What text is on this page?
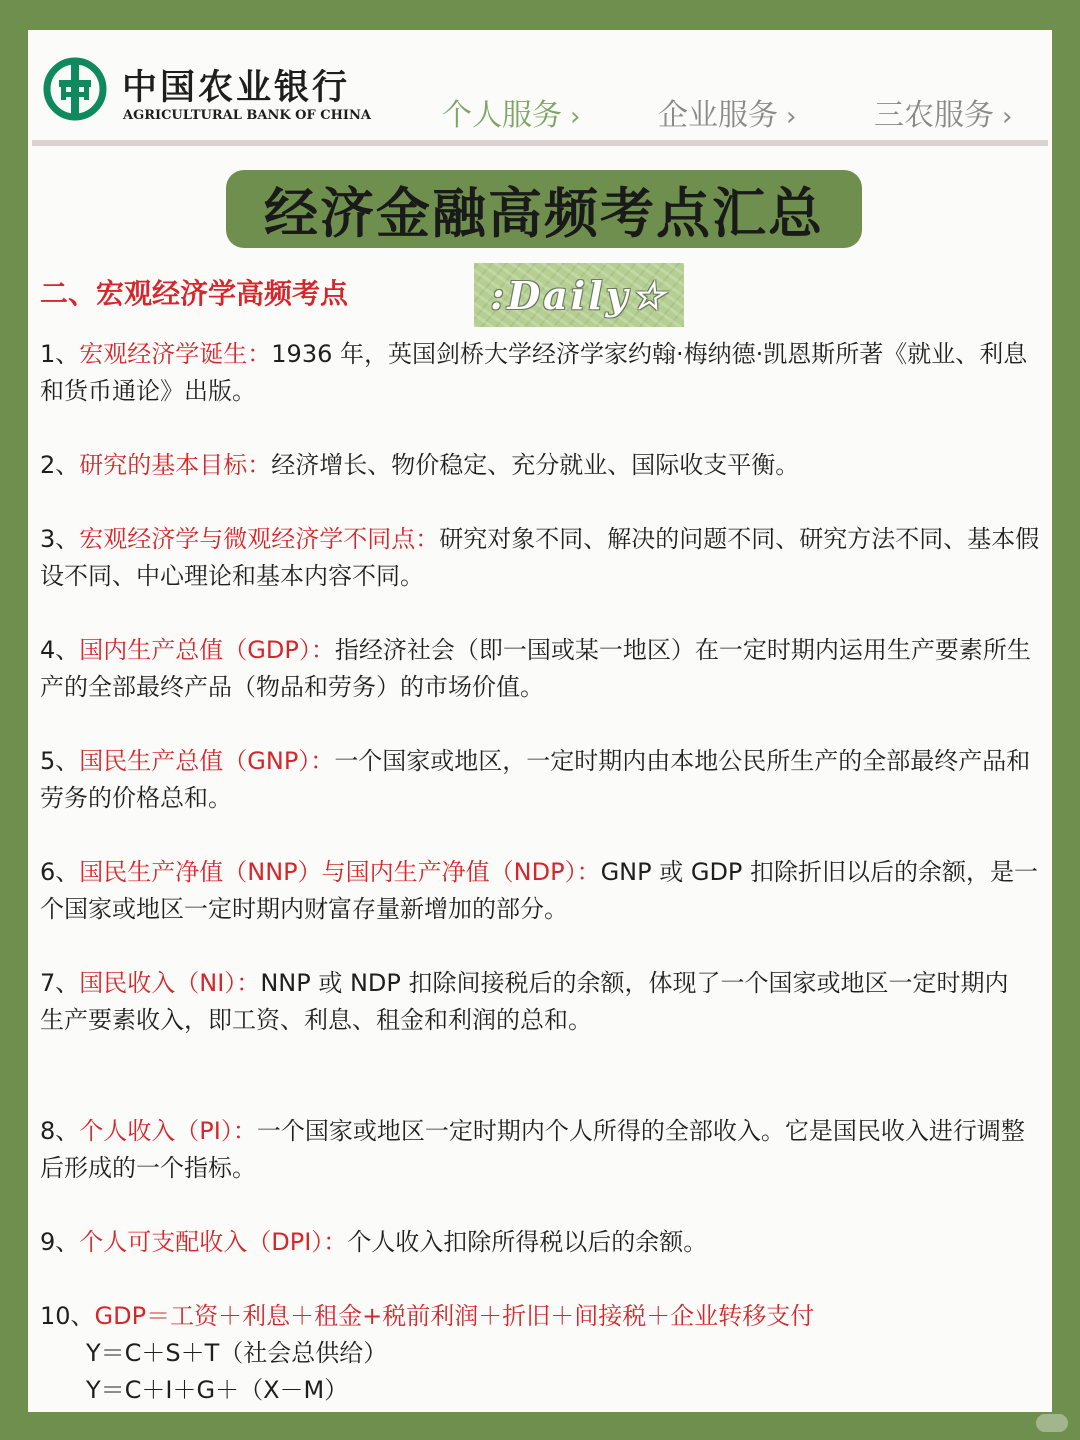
中国农业银行
AGRICULTURAL BANK OF CHINA 个人服务 ›	企业服务 ›	三农服务 ›
经济金融高频考点汇总
二、宏观经济学高频考点	:Daily☆

1、宏观经济学诞生：1936 年，英国剑桥大学经济学家约翰·梅纳德·凯恩斯所著《就业、利息和货币通论》出版。

2、研究的基本目标：经济增长、物价稳定、充分就业、国际收支平衡。

3、宏观经济学与微观经济学不同点：研究对象不同、解决的问题不同、研究方法不同、基本假设不同、中心理论和基本内容不同。

4、国内生产总值（GDP）：指经济社会（即一国或某一地区）在一定时期内运用生产要素所生产的全部最终产品（物品和劳务）的市场价值。

5、国民生产总值（GNP）：一个国家或地区，一定时期内由本地公民所生产的全部最终产品和劳务的价格总和。

6、国民生产净值（NNP）与国内生产净值（NDP）：GNP 或 GDP 扣除折旧以后的余额，是一个国家或地区一定时期内财富存量新增加的部分。

7、国民收入（NI）：NNP 或 NDP 扣除间接税后的余额，体现了一个国家或地区一定时期内

生产要素收入，即工资、利息、租金和利润的总和。

8、个人收入（PI）：一个国家或地区一定时期内个人所得的全部收入。它是国民收入进行调整后形成的一个指标。

9、个人可支配收入（DPI）：个人收入扣除所得税以后的余额。

10、GDP＝工资＋利息＋租金+税前利润＋折旧＋间接税＋企业转移支付

Y＝C＋S＋T（社会总供给）
Y＝C＋I＋G＋（X－M）
